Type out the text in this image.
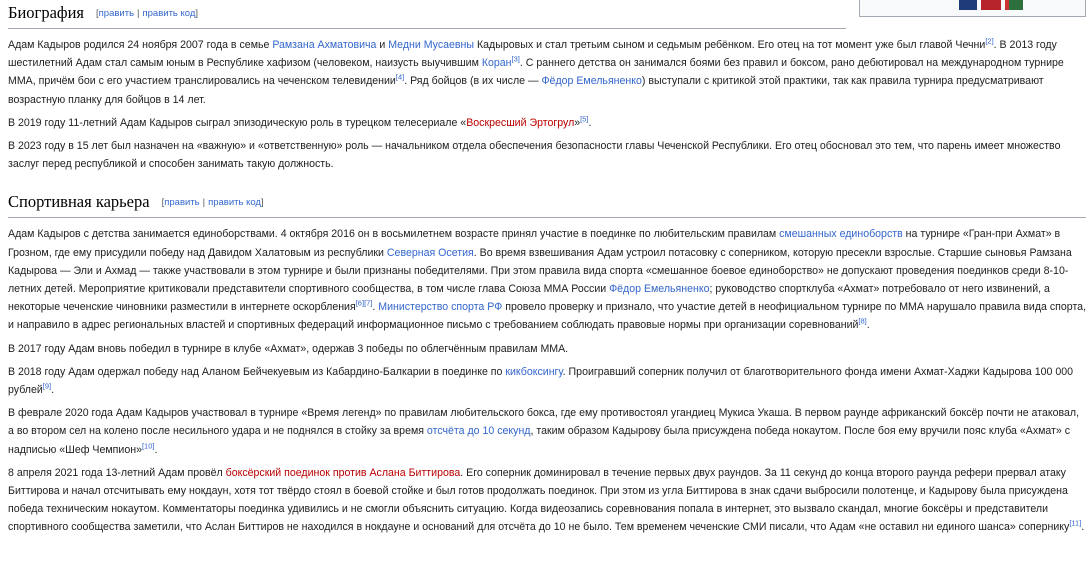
Биография [править | править код]

Адам Кадыров родился 24 ноября 2007 года в семье Рамзана Ахматовича и Медни Мусаевны Кадыровых и стал третьим сыном и седьмым ребёнком. Его отец на тот момент уже был главой Чечни[2]. В 2013 году шестилетний Адам стал самым юным в Республике хафизом (человеком, наизусть выучившим Коран[3]. С раннего детства он занимался боями без правил и боксом, рано дебютировал на международном турнире ММА, причём бои с его участием транслировались на чеченском телевидении[4]. Ряд бойцов (в их числе — Фёдор Емельяненко) выступали с критикой этой практики, так как правила турнира предусматривают возрастную планку для бойцов в 14 лет.

В 2019 году 11-летний Адам Кадыров сыграл эпизодическую роль в турецком телесериале «Воскресший Эртогрул»[5].

В 2023 году в 15 лет был назначен на «важную» и «ответственную» роль — начальником отдела обеспечения безопасности главы Чеченской Республики. Его отец обосновал это тем, что парень имеет множество заслуг перед республикой и способен занимать такую должность.

Спортивная карьера [править | править код]

Адам Кадыров с детства занимается единоборствами. 4 октября 2016 он в восьмилетнем возрасте принял участие в поединке по любительским правилам смешанных единоборств на турнире «Гран-при Ахмат» в Грозном, где ему присудили победу над Давидом Халатовым из республики Северная Осетия. Во время взвешивания Адам устроил потасовку с соперником, которую пресекли взрослые. Старшие сыновья Рамзана Кадырова — Эли и Ахмад — также участвовали в этом турнире и были признаны победителями. При этом правила вида спорта «смешанное боевое единоборство» не допускают проведения поединков среди 8-10-летних детей. Мероприятие критиковали представители спортивного сообщества, в том числе глава Союза ММА России Фёдор Емельяненко; руководство спортклуба «Ахмат» потребовало от него извинений, а некоторые чеченские чиновники разместили в интернете оскорбления[6][7]. Министерство спорта РФ провело проверку и признало, что участие детей в неофициальном турнире по ММА нарушало правила вида спорта, и направило в адрес региональных властей и спортивных федераций информационное письмо с требованием соблюдать правовые нормы при организации соревнований[8].

В 2017 году Адам вновь победил в турнире в клубе «Ахмат», одержав 3 победы по облегчённым правилам ММА.

В 2018 году Адам одержал победу над Аланом Бейчекуевым из Кабардино-Балкарии в поединке по кикбоксингу. Проигравший соперник получил от благотворительного фонда имени Ахмат-Хаджи Кадырова 100 000 рублей[9].

В феврале 2020 года Адам Кадыров участвовал в турнире «Время легенд» по правилам любительского бокса, где ему противостоял угандиец Мукиса Укаша. В первом раунде африканский боксёр почти не атаковал, а во втором сел на колено после несильного удара и не поднялся в стойку за время отсчёта до 10 секунд, таким образом Кадырову была присуждена победа нокаутом. После боя ему вручили пояс клуба «Ахмат» с надписью «Шеф Чемпион»[10].

8 апреля 2021 года 13-летний Адам провёл боксёрский поединок против Аслана Биттирова. Его соперник доминировал в течение первых двух раундов. За 11 секунд до конца второго раунда рефери прервал атаку Биттирова и начал отсчитывать ему нокдаун, хотя тот твёрдо стоял в боевой стойке и был готов продолжать поединок. При этом из угла Биттирова в знак сдачи выбросили полотенце, и Кадырову была присуждена победа техническим нокаутом. Комментаторы поединка удивились и не смогли объяснить ситуацию. Когда видеозапись соревнования попала в интернет, это вызвало скандал, многие боксёры и представители спортивного сообщества заметили, что Аслан Биттиров не находился в нокдауне и оснований для отсчёта до 10 не было. Тем временем чеченские СМИ писали, что Адам «не оставил ни единого шанса» сопернику[11].
